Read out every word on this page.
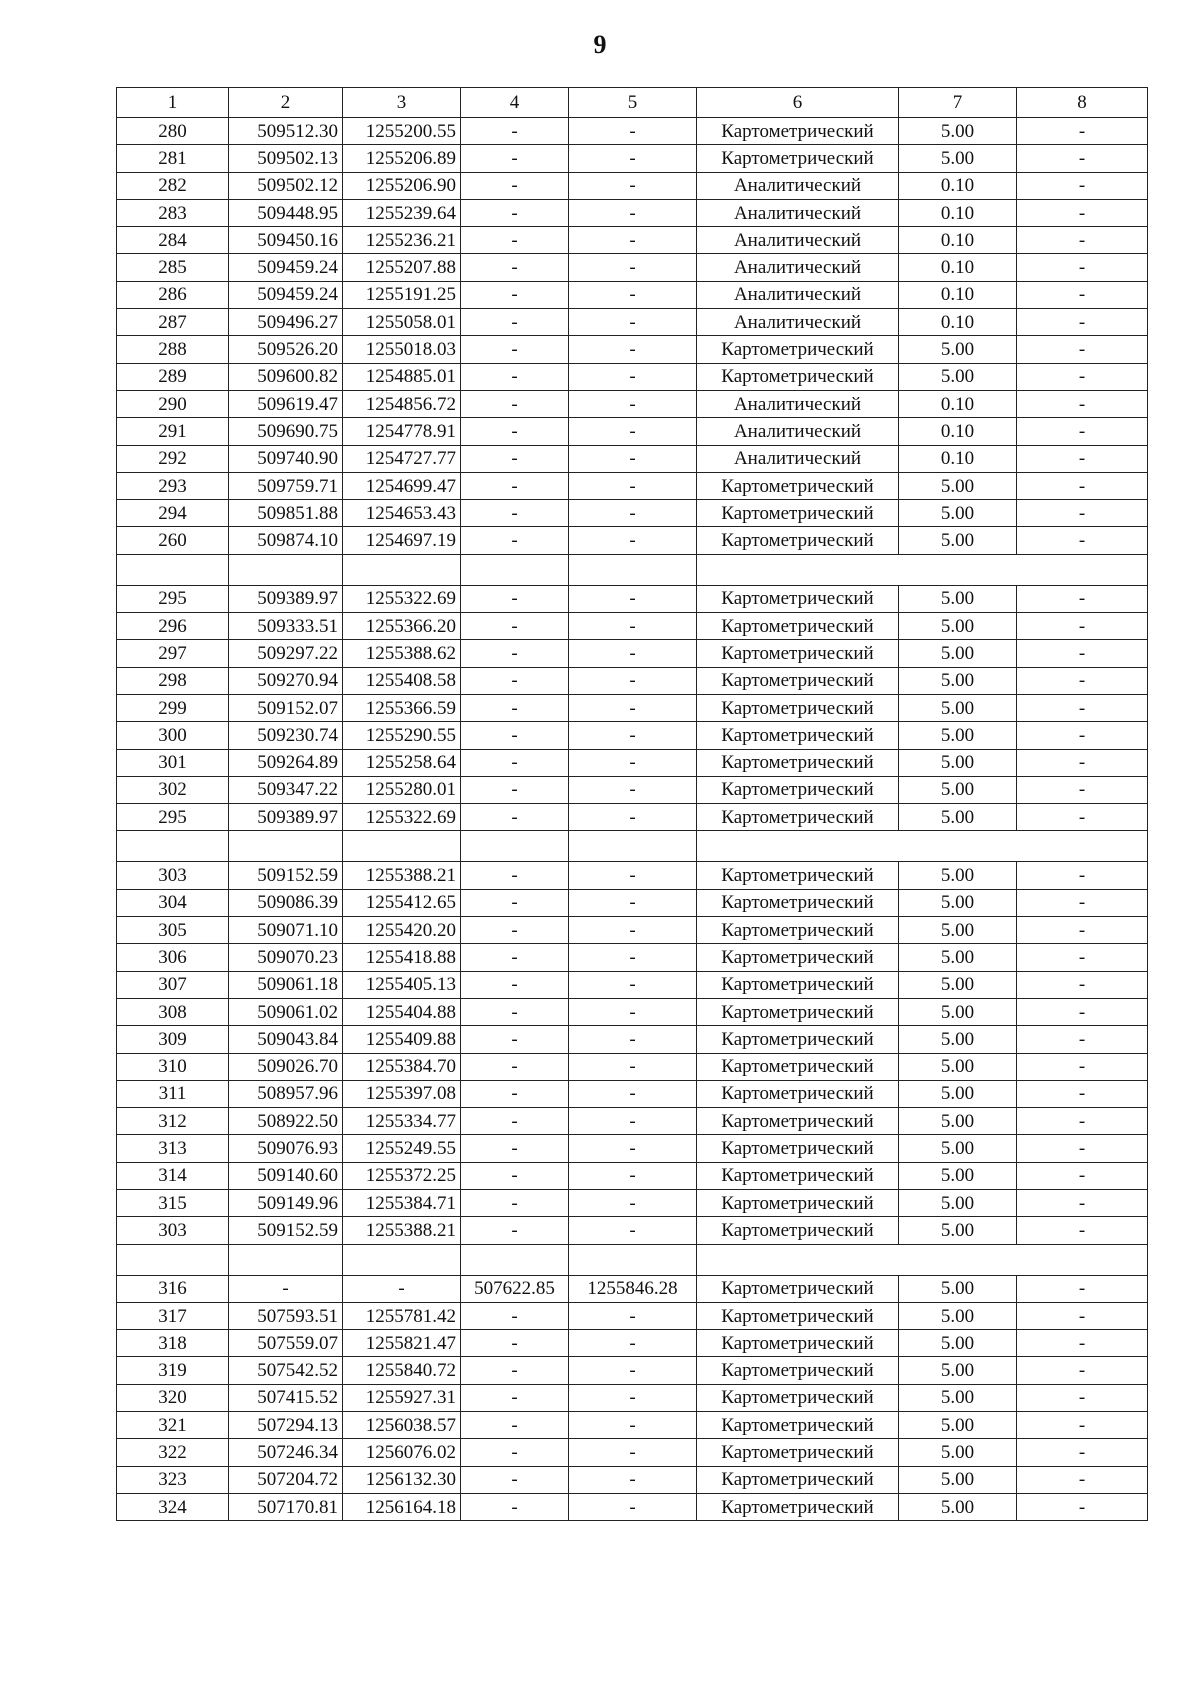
9
1	2	3	4	5	6	7	8
280	509512.30	1255200.55	-	-	Картометрический	5.00	-
281	509502.13	1255206.89	-	-	Картометрический	5.00	-
282	509502.12	1255206.90	-	-	Аналитический	0.10	-
283	509448.95	1255239.64	-	-	Аналитический	0.10	-
284	509450.16	1255236.21	-	-	Аналитический	0.10	-
285	509459.24	1255207.88	-	-	Аналитический	0.10	-
286	509459.24	1255191.25	-	-	Аналитический	0.10	-
287	509496.27	1255058.01	-	-	Аналитический	0.10	-
288	509526.20	1255018.03	-	-	Картометрический	5.00	-
289	509600.82	1254885.01	-	-	Картометрический	5.00	-
290	509619.47	1254856.72	-	-	Аналитический	0.10	-
291	509690.75	1254778.91	-	-	Аналитический	0.10	-
292	509740.90	1254727.77	-	-	Аналитический	0.10	-
293	509759.71	1254699.47	-	-	Картометрический	5.00	-
294	509851.88	1254653.43	-	-	Картометрический	5.00	-
260	509874.10	1254697.19	-	-	Картометрический	5.00	-

295	509389.97	1255322.69	-	-	Картометрический	5.00	-
296	509333.51	1255366.20	-	-	Картометрический	5.00	-
297	509297.22	1255388.62	-	-	Картометрический	5.00	-
298	509270.94	1255408.58	-	-	Картометрический	5.00	-
299	509152.07	1255366.59	-	-	Картометрический	5.00	-
300	509230.74	1255290.55	-	-	Картометрический	5.00	-
301	509264.89	1255258.64	-	-	Картометрический	5.00	-
302	509347.22	1255280.01	-	-	Картометрический	5.00	-
295	509389.97	1255322.69	-	-	Картометрический	5.00	-

303	509152.59	1255388.21	-	-	Картометрический	5.00	-
304	509086.39	1255412.65	-	-	Картометрический	5.00	-
305	509071.10	1255420.20	-	-	Картометрический	5.00	-
306	509070.23	1255418.88	-	-	Картометрический	5.00	-
307	509061.18	1255405.13	-	-	Картометрический	5.00	-
308	509061.02	1255404.88	-	-	Картометрический	5.00	-
309	509043.84	1255409.88	-	-	Картометрический	5.00	-
310	509026.70	1255384.70	-	-	Картометрический	5.00	-
311	508957.96	1255397.08	-	-	Картометрический	5.00	-
312	508922.50	1255334.77	-	-	Картометрический	5.00	-
313	509076.93	1255249.55	-	-	Картометрический	5.00	-
314	509140.60	1255372.25	-	-	Картометрический	5.00	-
315	509149.96	1255384.71	-	-	Картометрический	5.00	-
303	509152.59	1255388.21	-	-	Картометрический	5.00	-

316	-	-	507622.85	1255846.28	Картометрический	5.00	-
317	507593.51	1255781.42	-	-	Картометрический	5.00	-
318	507559.07	1255821.47	-	-	Картометрический	5.00	-
319	507542.52	1255840.72	-	-	Картометрический	5.00	-
320	507415.52	1255927.31	-	-	Картометрический	5.00	-
321	507294.13	1256038.57	-	-	Картометрический	5.00	-
322	507246.34	1256076.02	-	-	Картометрический	5.00	-
323	507204.72	1256132.30	-	-	Картометрический	5.00	-
324	507170.81	1256164.18	-	-	Картометрический	5.00	-
